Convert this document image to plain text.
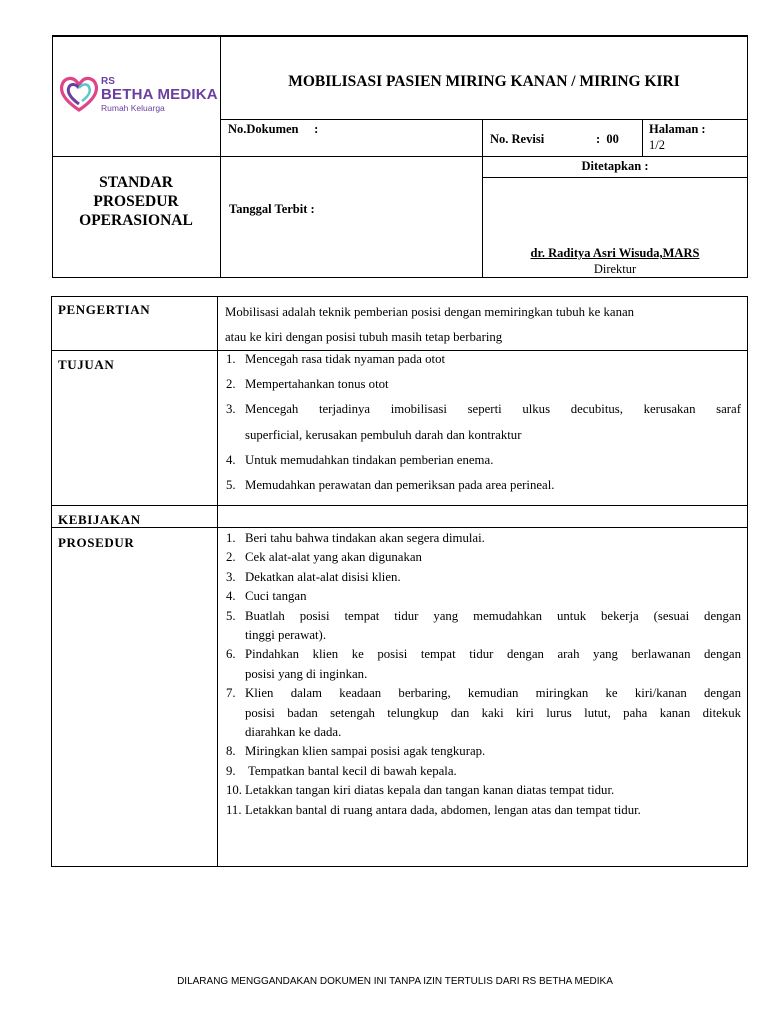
RS
BETHA MEDIKA
Rumah Keluarga
MOBILISASI PASIEN MIRING KANAN / MIRING KIRI
No.Dokumen     :
No. Revisi	:  00
Halaman :
1/2
STANDAR
PROSEDUR
OPERASIONAL
Tanggal Terbit :
Ditetapkan :
dr. Raditya Asri Wisuda,MARS
Direktur
PENGERTIAN	Mobilisasi adalah teknik pemberian posisi dengan memiringkan tubuh ke kanan
atau ke kiri dengan posisi tubuh masih tetap berbaring
TUJUAN	1. Mencegah rasa tidak nyaman pada otot
2. Mempertahankan tonus otot
3. Mencegah terjadinya imobilisasi seperti ulkus decubitus, kerusakan saraf
superficial, kerusakan pembuluh darah dan kontraktur
4. Untuk memudahkan tindakan pemberian enema.
5. Memudahkan perawatan dan pemeriksan pada area perineal.
KEBIJAKAN
PROSEDUR	1. Beri tahu bahwa tindakan akan segera dimulai.
2. Cek alat-alat yang akan digunakan
3. Dekatkan alat-alat disisi klien.
4. Cuci tangan
5. Buatlah posisi tempat tidur yang memudahkan untuk bekerja (sesuai dengan
tinggi perawat).
6. Pindahkan klien ke posisi tempat tidur dengan arah yang berlawanan dengan
posisi yang di inginkan.
7. Klien dalam keadaan berbaring, kemudian miringkan ke kiri/kanan dengan
posisi badan setengah telungkup dan kaki kiri lurus lutut, paha kanan ditekuk
diarahkan ke dada.
8. Miringkan klien sampai posisi agak tengkurap.
9. Tempatkan bantal kecil di bawah kepala.
10. Letakkan tangan kiri diatas kepala dan tangan kanan diatas tempat tidur.
11. Letakkan bantal di ruang antara dada, abdomen, lengan atas dan tempat tidur.
DILARANG MENGGANDAKAN DOKUMEN INI TANPA IZIN TERTULIS DARI RS BETHA MEDIKA
